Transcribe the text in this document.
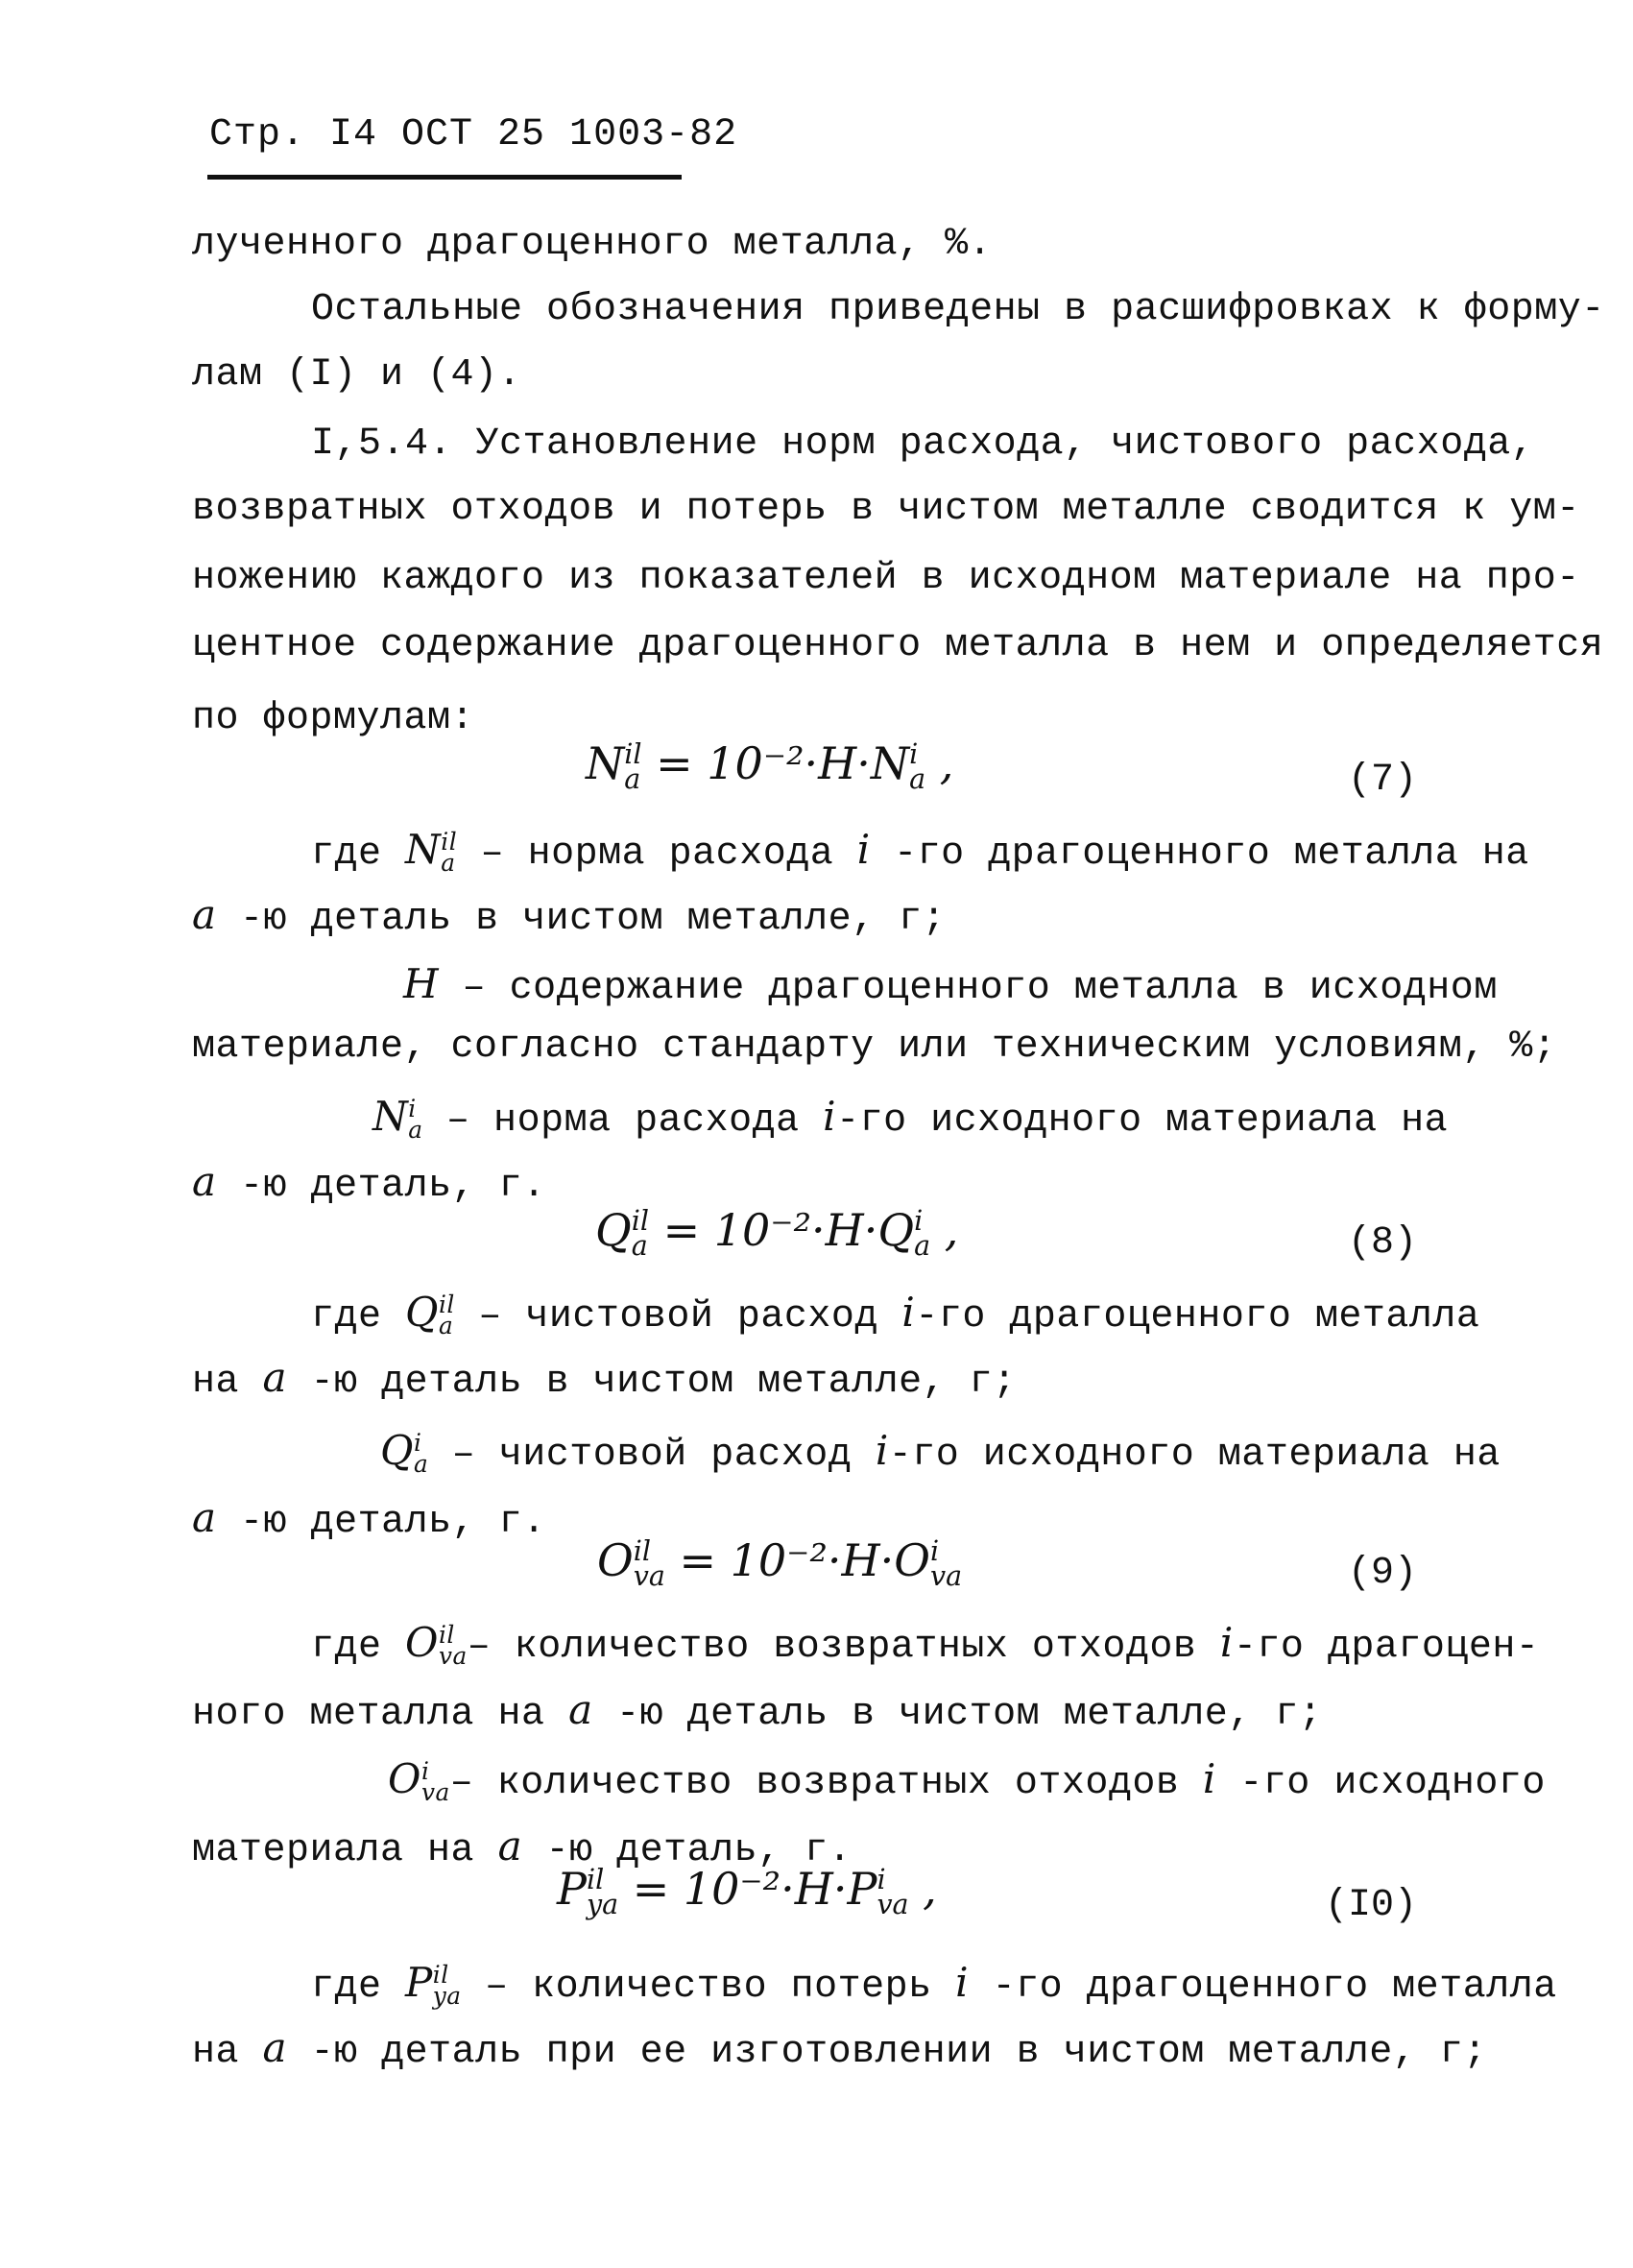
Стр. I4 ОСТ 25 1003-82
лученного драгоценного металла, %.
Остальные обозначения приведены в расшифровках к форму-
лам (I) и (4).
I,5.4. Установление норм расхода, чистового расхода,
возвратных отходов и потерь в чистом металле сводится к ум-
ножению каждого из показателей в исходном материале на про-
центное содержание драгоценного металла в нем и определяется
по формулам:
N il
a = 10⁻²·H·N i
a ,	(7)
где N il
a – норма расхода i -го драгоценного металла на
a -ю деталь в чистом металле, г;
H – содержание драгоценного металла в исходном
материале, согласно стандарту или техническим условиям, %;
N i
a – норма расхода i-го исходного материала на
a -ю деталь, г.
Q il
a = 10⁻²·H·Q i
a ,	(8)
где Q il
a – чистовой расход i-го драгоценного металла
на a -ю деталь в чистом металле, г;
Q i
a – чистовой расход i-го исходного материала на
a -ю деталь, г.
O il
va = 10⁻²·H·O i
va	(9)
где O il
va – количество возвратных отходов i-го драгоцен-
ного металла на a -ю деталь в чистом металле, г;
O i
va – количество возвратных отходов i -го исходного
материала на a -ю деталь, г.
P il
ya = 10⁻²·H·P i
va ,	(I0)
где P il
ya – количество потерь i -го драгоценного металла
на a -ю деталь при ее изготовлении в чистом металле, г;
